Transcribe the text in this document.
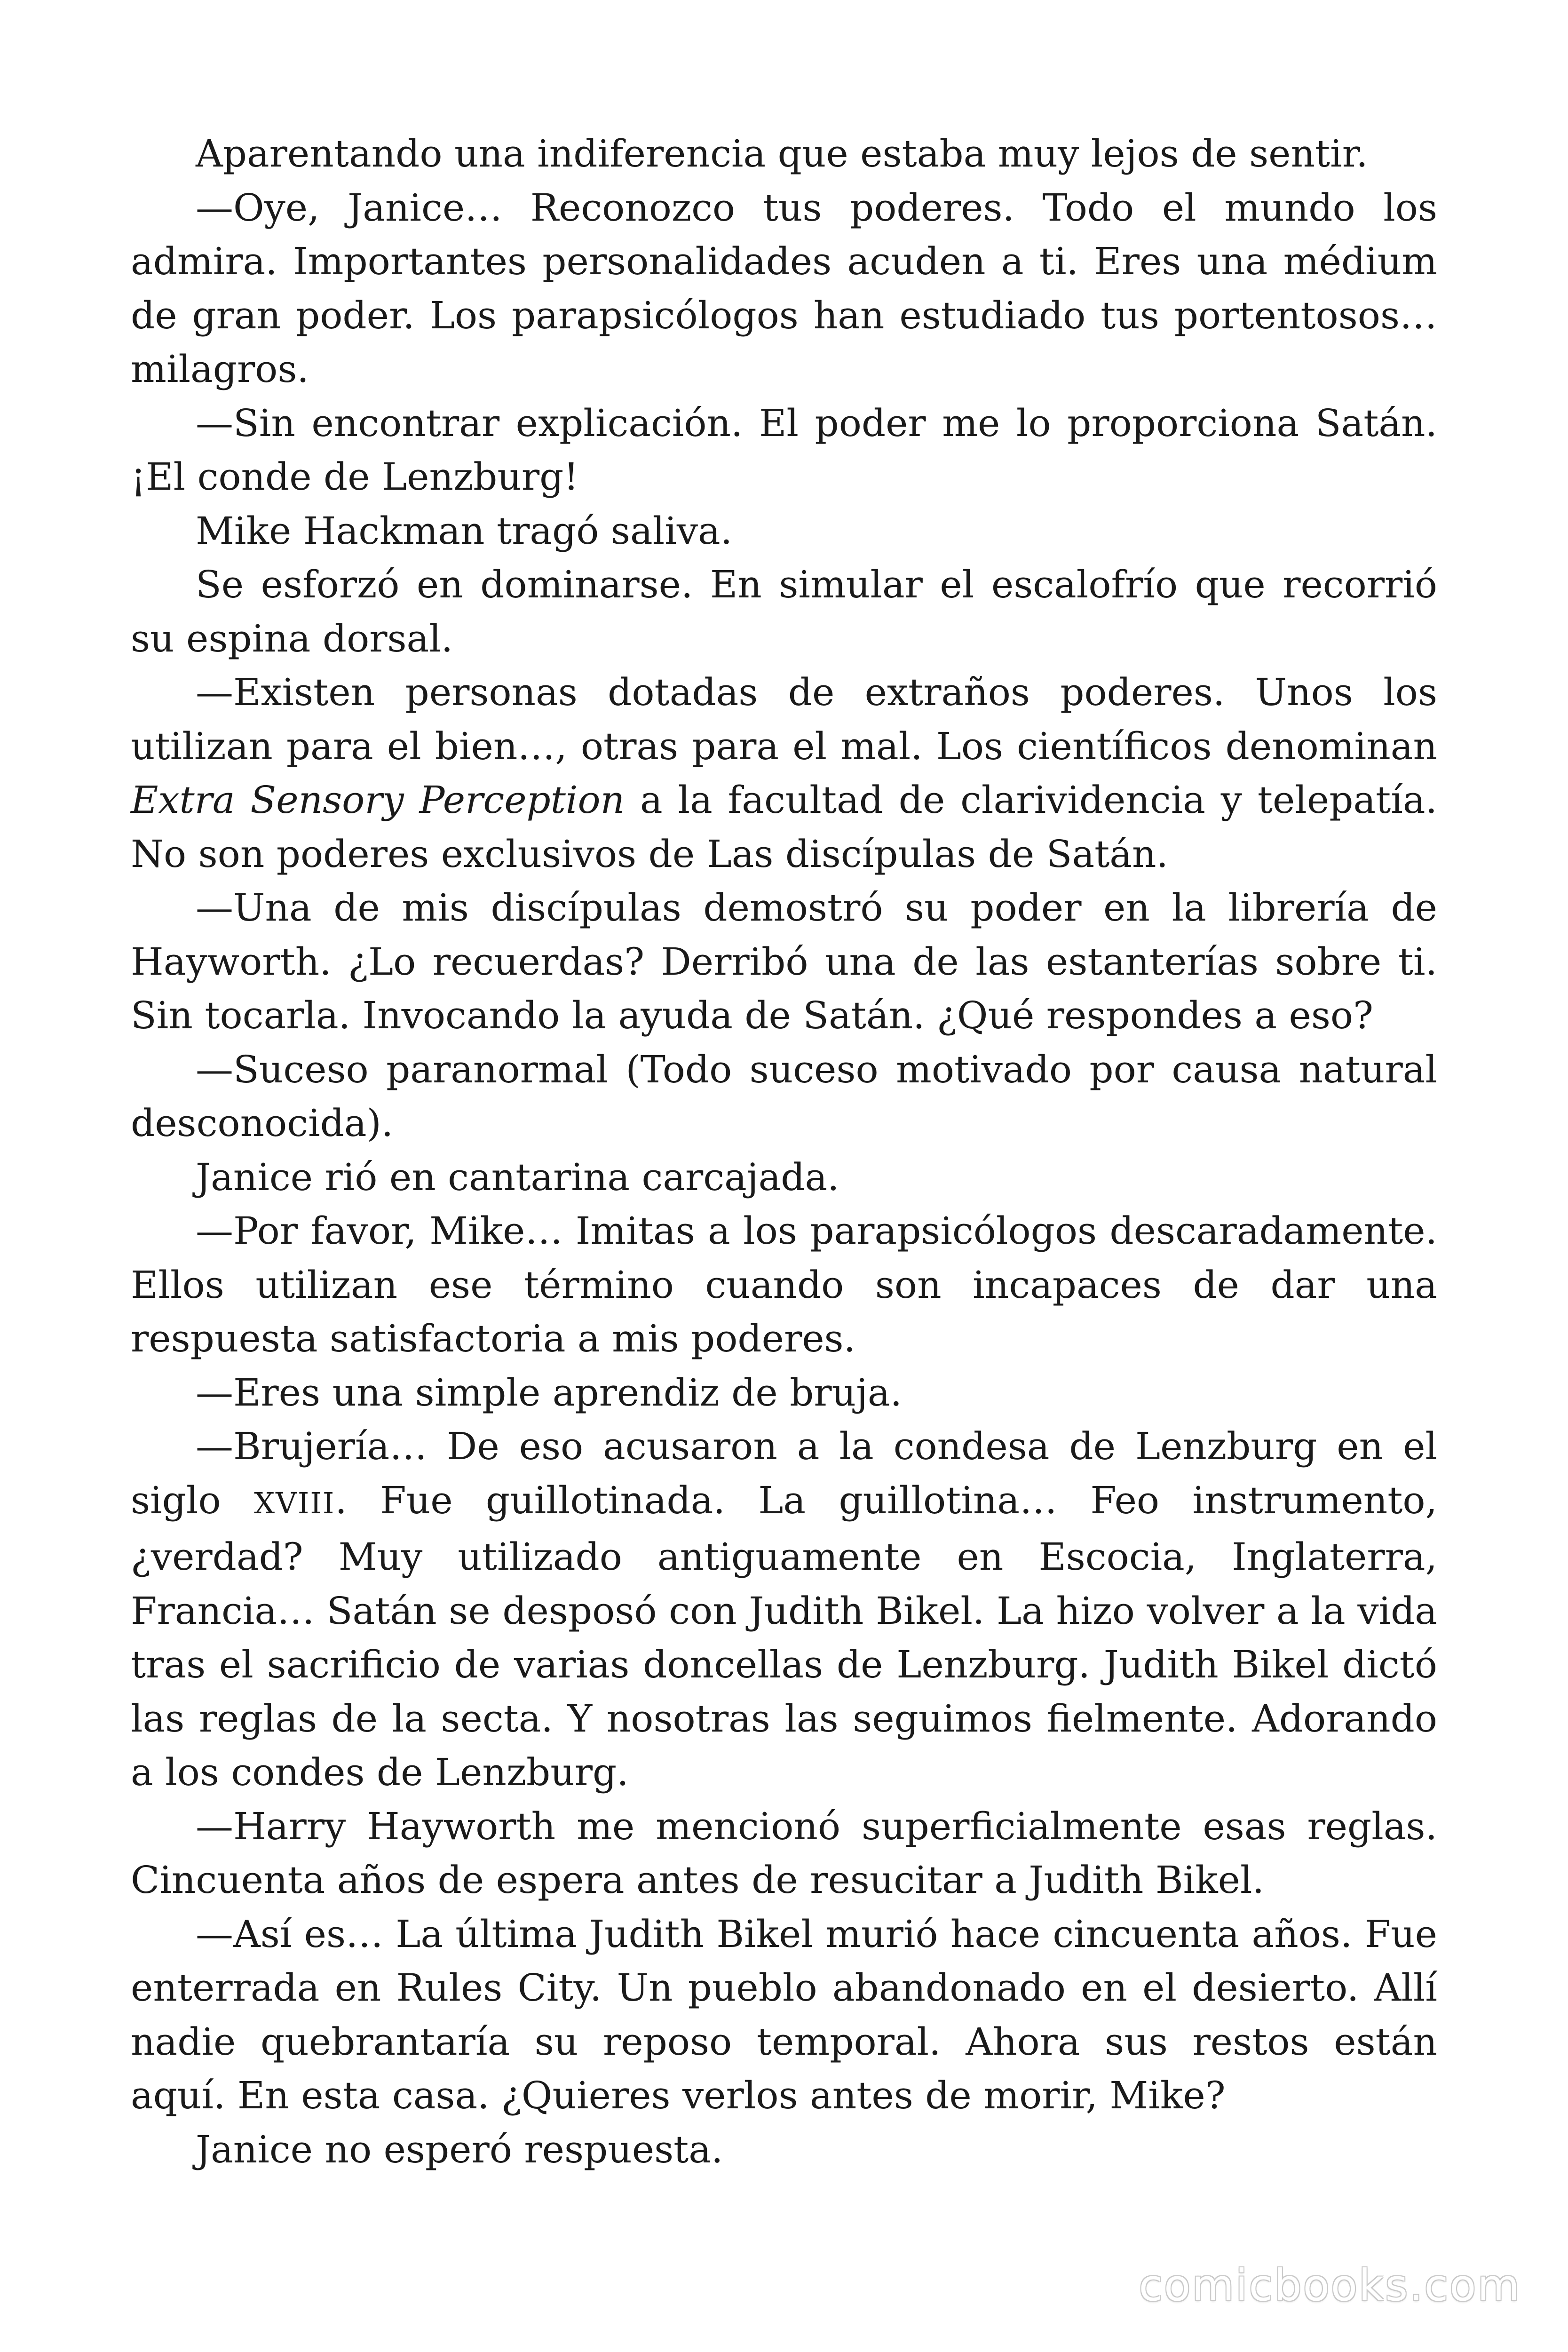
Aparentando una indiferencia que estaba muy lejos de sentir.

—Oye, Janice… Reconozco tus poderes. Todo el mundo los admira. Importantes personalidades acuden a ti. Eres una médium de gran poder. Los parapsicólogos han estudiado tus portentosos… milagros.

—Sin encontrar explicación. El poder me lo proporciona Satán. ¡El conde de Lenzburg!

Mike Hackman tragó saliva.

Se esforzó en dominarse. En simular el escalofrío que recorrió su espina dorsal.

—Existen personas dotadas de extraños poderes. Unos los utilizan para el bien…, otras para el mal. Los científicos denominan Extra Sensory Perception a la facultad de clarividencia y telepatía. No son poderes exclusivos de Las discípulas de Satán.

—Una de mis discípulas demostró su poder en la librería de Hayworth. ¿Lo recuerdas? Derribó una de las estanterías sobre ti. Sin tocarla. Invocando la ayuda de Satán. ¿Qué respondes a eso?

—Suceso paranormal (Todo suceso motivado por causa natural desconocida).

Janice rió en cantarina carcajada.

—Por favor, Mike… Imitas a los parapsicólogos descaradamente. Ellos utilizan ese término cuando son incapaces de dar una respuesta satisfactoria a mis poderes.

—Eres una simple aprendiz de bruja.

—Brujería… De eso acusaron a la condesa de Lenzburg en el siglo XVIII. Fue guillotinada. La guillotina… Feo instrumento, ¿verdad? Muy utilizado antiguamente en Escocia, Inglaterra, Francia… Satán se desposó con Judith Bikel. La hizo volver a la vida tras el sacrificio de varias doncellas de Lenzburg. Judith Bikel dictó las reglas de la secta. Y nosotras las seguimos fielmente. Adorando a los condes de Lenzburg.

—Harry Hayworth me mencionó superficialmente esas reglas. Cincuenta años de espera antes de resucitar a Judith Bikel.

—Así es… La última Judith Bikel murió hace cincuenta años. Fue enterrada en Rules City. Un pueblo abandonado en el desierto. Allí nadie quebrantaría su reposo temporal. Ahora sus restos están aquí. En esta casa. ¿Quieres verlos antes de morir, Mike?

Janice no esperó respuesta.

comicbooks.com
